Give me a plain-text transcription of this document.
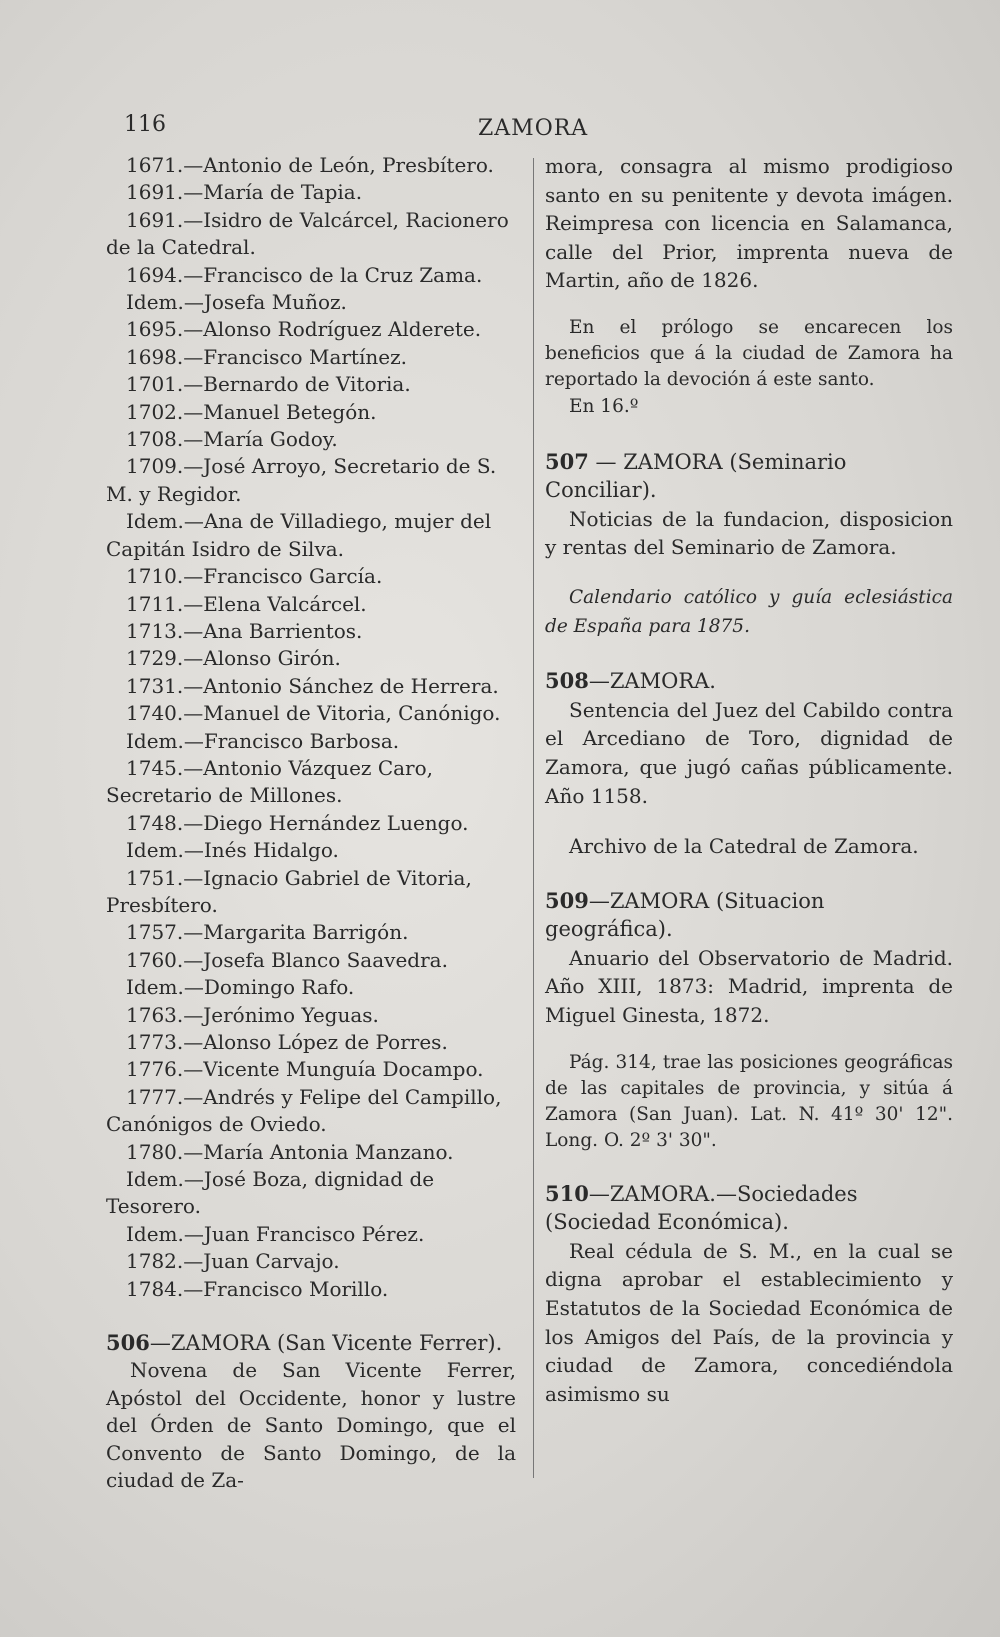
116	ZAMORA

1671.—Antonio de León, Presbítero.

1691.—María de Tapia.

1691.—Isidro de Valcárcel, Racionero de la Catedral.

1694.—Francisco de la Cruz Zama.

Idem.—Josefa Muñoz.

1695.—Alonso Rodríguez Alderete.

1698.—Francisco Martínez.

1701.—Bernardo de Vitoria.

1702.—Manuel Betegón.

1708.—María Godoy.

1709.—José Arroyo, Secretario de S. M. y Regidor.

Idem.—Ana de Villadiego, mujer del Capitán Isidro de Silva.

1710.—Francisco García.

1711.—Elena Valcárcel.

1713.—Ana Barrientos.

1729.—Alonso Girón.

1731.—Antonio Sánchez de Herrera.

1740.—Manuel de Vitoria, Canónigo.

Idem.—Francisco Barbosa.

1745.—Antonio Vázquez Caro, Secretario de Millones.

1748.—Diego Hernández Luengo.

Idem.—Inés Hidalgo.

1751.—Ignacio Gabriel de Vitoria, Presbítero.

1757.—Margarita Barrigón.

1760.—Josefa Blanco Saavedra.

Idem.—Domingo Rafo.

1763.—Jerónimo Yeguas.

1773.—Alonso López de Porres.

1776.—Vicente Munguía Docampo.

1777.—Andrés y Felipe del Campillo, Canónigos de Oviedo.

1780.—María Antonia Manzano.

Idem.—José Boza, dignidad de Tesorero.

Idem.—Juan Francisco Pérez.

1782.—Juan Carvajo.

1784.—Francisco Morillo.

506—ZAMORA (San Vicente Ferrer).

Novena de San Vicente Ferrer, Apóstol del Occidente, honor y lustre del Órden de Santo Domingo, que el Convento de Santo Domingo, de la ciudad de Za-

mora, consagra al mismo prodigioso santo en su penitente y devota imágen. Reimpresa con licencia en Salamanca, calle del Prior, imprenta nueva de Martin, año de 1826.

En el prólogo se encarecen los beneficios que á la ciudad de Zamora ha reportado la devoción á este santo.

En 16.º

507 — ZAMORA (Seminario Conciliar).

Noticias de la fundacion, disposicion y rentas del Seminario de Zamora.

Calendario católico y guía eclesiástica de España para 1875.

508—ZAMORA.

Sentencia del Juez del Cabildo contra el Arcediano de Toro, dignidad de Zamora, que jugó cañas públicamente. Año 1158.

Archivo de la Catedral de Zamora.

509—ZAMORA (Situacion geográfica).

Anuario del Observatorio de Madrid. Año XIII, 1873: Madrid, imprenta de Miguel Ginesta, 1872.

Pág. 314, trae las posiciones geográficas de las capitales de provincia, y sitúa á Zamora (San Juan). Lat. N. 41º 30' 12". Long. O. 2º 3' 30".

510—ZAMORA.—Sociedades (Sociedad Económica).

Real cédula de S. M., en la cual se digna aprobar el establecimiento y Estatutos de la Sociedad Económica de los Amigos del País, de la provincia y ciudad de Zamora, concediéndola asimismo su
